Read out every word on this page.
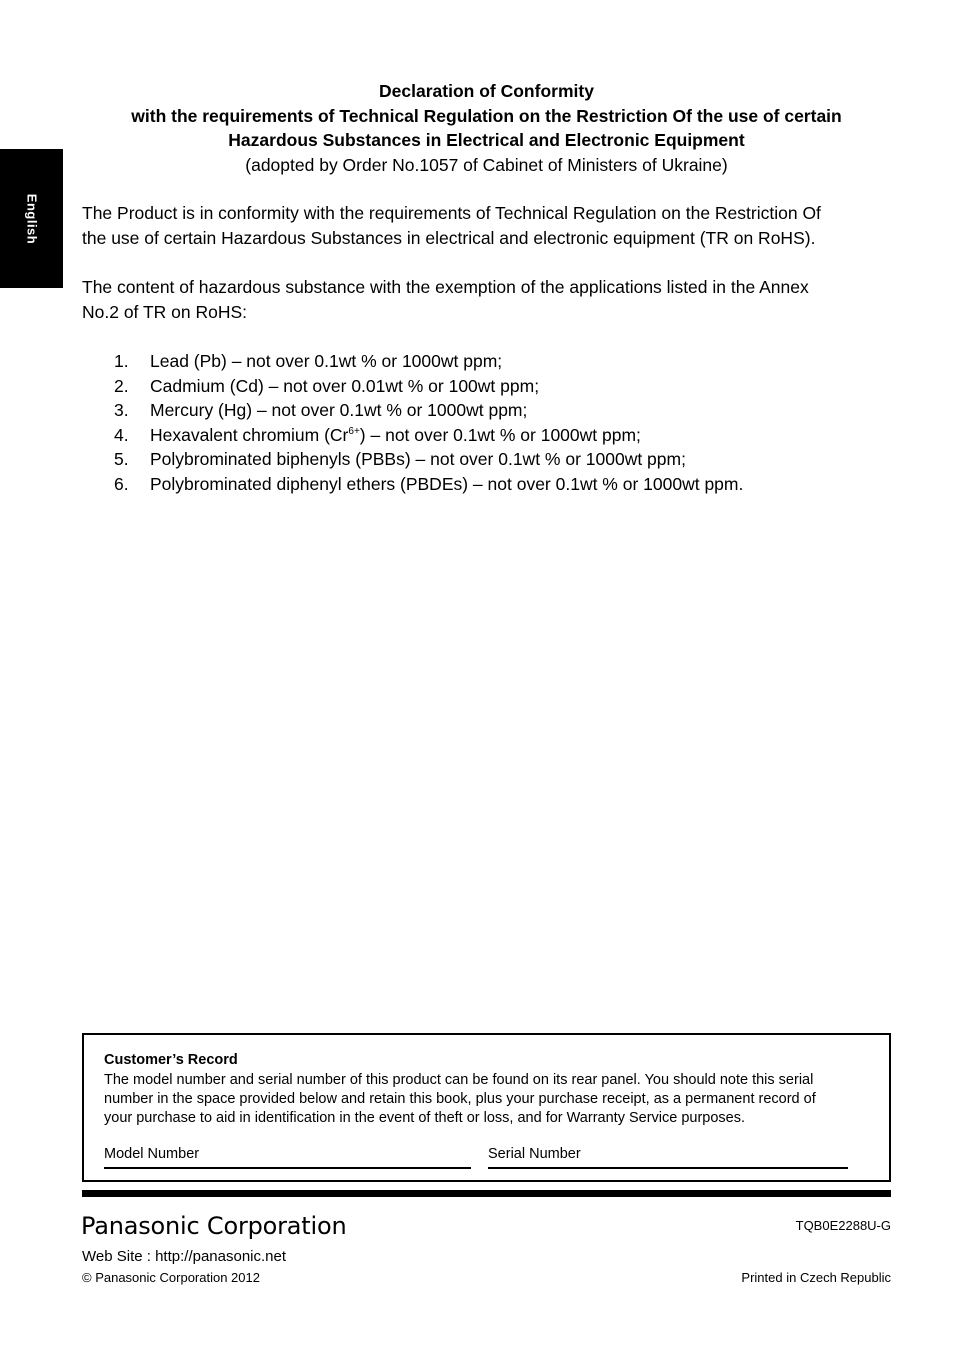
English
Declaration of Conformity
with the requirements of Technical Regulation on the Restriction Of the use of certain
Hazardous Substances in Electrical and Electronic Equipment
(adopted by Order No.1057 of Cabinet of Ministers of Ukraine)
The Product is in conformity with the requirements of Technical Regulation on the Restriction Of
the use of certain Hazardous Substances in electrical and electronic equipment (TR on RoHS).
The content of hazardous substance with the exemption of the applications listed in the Annex
No.2 of TR on RoHS:
1.	Lead (Pb) – not over 0.1wt % or 1000wt ppm;
2.	Cadmium (Cd) – not over 0.01wt % or 100wt ppm;
3.	Mercury (Hg) – not over 0.1wt % or 1000wt ppm;
4.	Hexavalent chromium $(Cr^{6+})$ – not over 0.1wt % or 1000wt ppm;
5.	Polybrominated biphenyls (PBBs) – not over 0.1wt % or 1000wt ppm;
6.	Polybrominated diphenyl ethers (PBDEs) – not over 0.1wt % or 1000wt ppm.
Customer’s Record
The model number and serial number of this product can be found on its rear panel. You should note this serial
number in the space provided below and retain this book, plus your purchase receipt, as a permanent record of
your purchase to aid in identification in the event of theft or loss, and for Warranty Service purposes.
Model Number	Serial Number
Panasonic Corporation	TQB0E2288U-G
Web Site : http://panasonic.net
© Panasonic Corporation 2012	Printed in Czech Republic
